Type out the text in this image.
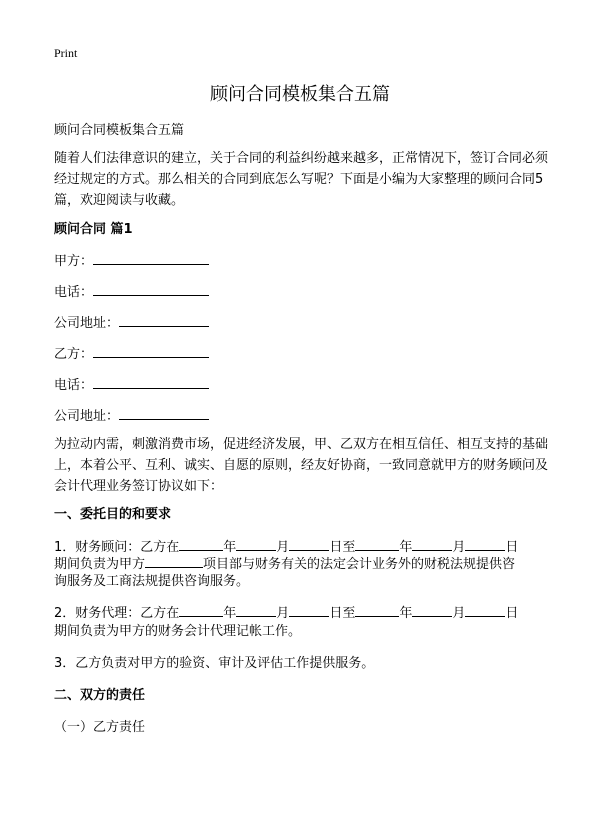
Print
顾问合同模板集合五篇
顾问合同模板集合五篇
随着人们法律意识的建立，关于合同的利益纠纷越来越多，正常情况下，签订合同必须经过规定的方式。那么相关的合同到底怎么写呢？下面是小编为大家整理的顾问合同5篇，欢迎阅读与收藏。
顾问合同 篇1
甲方：
电话：
公司地址：
乙方：
电话：
公司地址：
为拉动内需，刺激消费市场，促进经济发展，甲、乙双方在相互信任、相互支持的基础上，本着公平、互利、诚实、自愿的原则，经友好协商，一致同意就甲方的财务顾问及会计代理业务签订协议如下：
一、委托目的和要求
1．财务顾问：乙方在	年	月	日至	年	月	日
期间负责为甲方	项目部与财务有关的法定会计业务外的财税法规提供咨
询服务及工商法规提供咨询服务。
2．财务代理：乙方在	年	月	日至	年	月	日
期间负责为甲方的财务会计代理记帐工作。
3．乙方负责对甲方的验资、审计及评估工作提供服务。
二、双方的责任
（一）乙方责任
